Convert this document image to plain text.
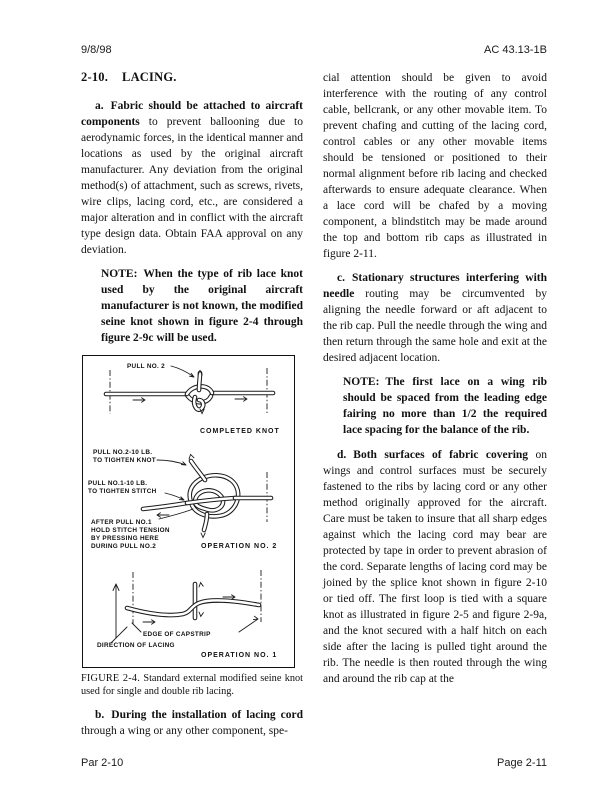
9/8/98	AC 43.13-1B
2-10. LACING.

a. Fabric should be attached to aircraft components to prevent ballooning due to aerodynamic forces, in the identical manner and locations as used by the original aircraft manufacturer. Any deviation from the original method(s) of attachment, such as screws, rivets, wire clips, lacing cord, etc., are considered a major alteration and in conflict with the aircraft type design data. Obtain FAA approval on any deviation.

NOTE: When the type of rib lace knot used by the original aircraft manufacturer is not known, the modified seine knot shown in figure 2-4 through figure 2-9c will be used.

PULL NO. 2
COMPLETED KNOT
PULL NO.2-10 LB.
TO TIGHTEN KNOT
PULL NO.1-10 LB.
TO TIGHTEN STITCH
AFTER PULL NO.1
HOLD STITCH TENSION
BY PRESSING HERE
DURING PULL NO.2	OPERATION NO. 2
EDGE OF CAPSTRIP
DIRECTION OF LACING
OPERATION NO. 1

FIGURE 2-4. Standard external modified seine knot used for single and double rib lacing.

b. During the installation of lacing cord through a wing or any other component, spe-

cial attention should be given to avoid interference with the routing of any control cable, bellcrank, or any other movable item. To prevent chafing and cutting of the lacing cord, control cables or any other movable items should be tensioned or positioned to their normal alignment before rib lacing and checked afterwards to ensure adequate clearance. When a lace cord will be chafed by a moving component, a blindstitch may be made around the top and bottom rib caps as illustrated in figure 2-11.

c. Stationary structures interfering with needle routing may be circumvented by aligning the needle forward or aft adjacent to the rib cap. Pull the needle through the wing and then return through the same hole and exit at the desired adjacent location.

NOTE: The first lace on a wing rib should be spaced from the leading edge fairing no more than 1/2 the required lace spacing for the balance of the rib.

d. Both surfaces of fabric covering on wings and control surfaces must be securely fastened to the ribs by lacing cord or any other method originally approved for the aircraft. Care must be taken to insure that all sharp edges against which the lacing cord may bear are protected by tape in order to prevent abrasion of the cord. Separate lengths of lacing cord may be joined by the splice knot shown in figure 2-10 or tied off. The first loop is tied with a square knot as illustrated in figure 2-5 and figure 2-9a, and the knot secured with a half hitch on each side after the lacing is pulled tight around the rib. The needle is then routed through the wing and around the rib cap at the

Par 2-10	Page 2-11
